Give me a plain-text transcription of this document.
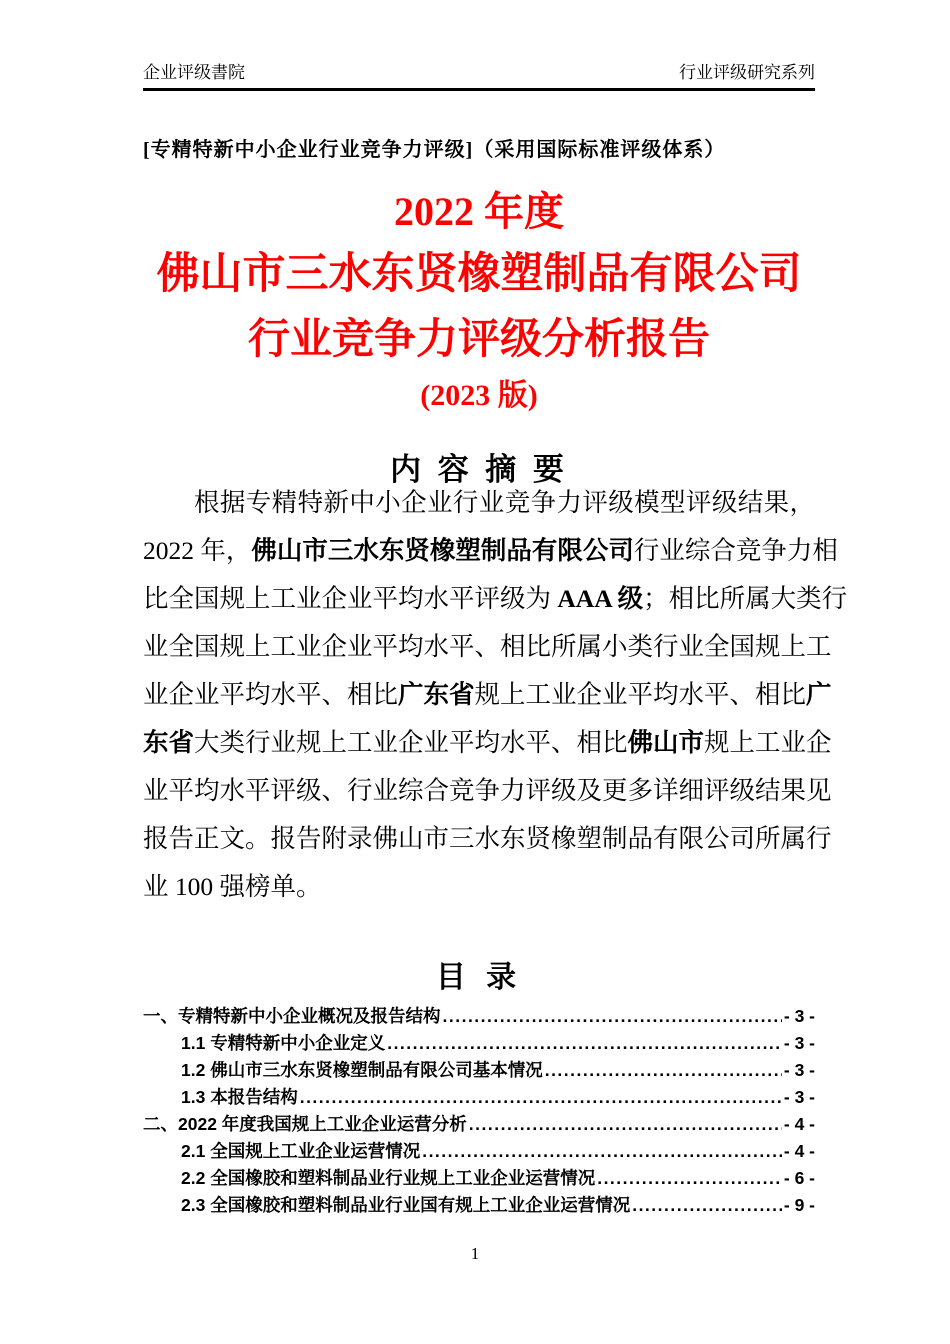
企业评级書院	行业评级研究系列
[专精特新中小企业行业竞争力评级]（采用国际标准评级体系）
2022 年度
佛山市三水东贤橡塑制品有限公司
行业竞争力评级分析报告
(2023 版)
内 容 摘 要
根据专精特新中小企业行业竞争力评级模型评级结果，
2022 年，佛山市三水东贤橡塑制品有限公司行业综合竞争力相
比全国规上工业企业平均水平评级为 AAA 级；相比所属大类行
业全国规上工业企业平均水平、相比所属小类行业全国规上工
业企业平均水平、相比广东省规上工业企业平均水平、相比广
东省大类行业规上工业企业平均水平、相比佛山市规上工业企
业平均水平评级、行业综合竞争力评级及更多详细评级结果见
报告正文。报告附录佛山市三水东贤橡塑制品有限公司所属行
业 100 强榜单。
目 录
一、专精特新中小企业概况及报告结构 .....	- 3 -
1.1 专精特新中小企业定义 .....	- 3 -
1.2 佛山市三水东贤橡塑制品有限公司基本情况 .....	- 3 -
1.3 本报告结构 .....	- 3 -
二、2022 年度我国规上工业企业运营分析 .....	- 4 -
2.1 全国规上工业企业运营情况 .....	- 4 -
2.2 全国橡胶和塑料制品业行业规上工业企业运营情况 .....	- 6 -
2.3 全国橡胶和塑料制品业行业国有规上工业企业运营情况 .....	- 9 -
1
